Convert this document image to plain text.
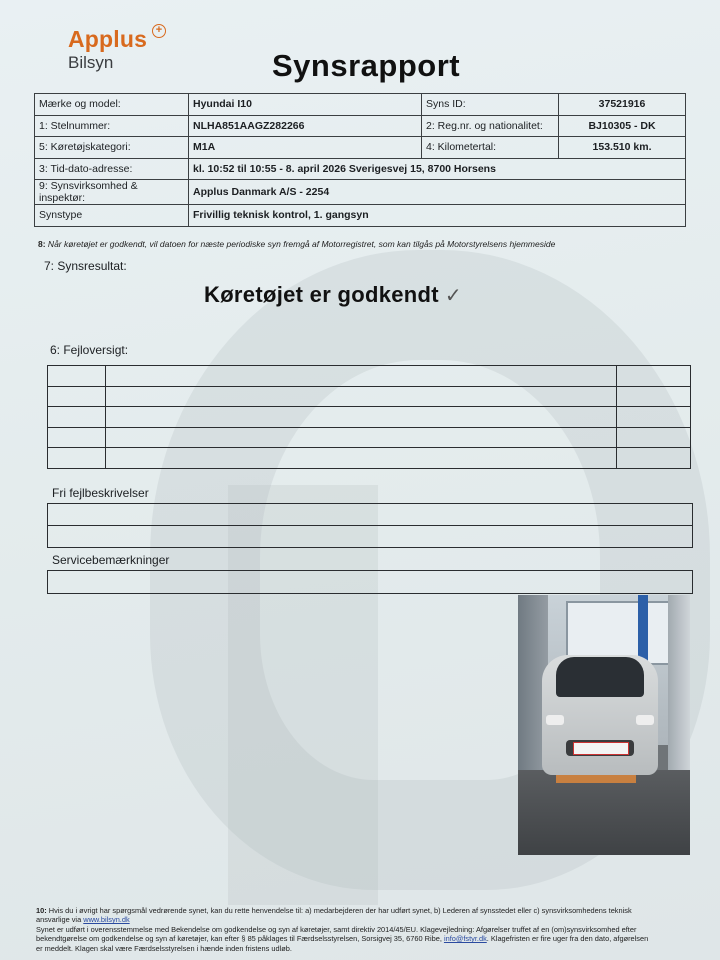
Applus +
Bilsyn	Synsrapport
Mærke og model:	Hyundai I10	Syns ID:	37521916
1: Stelnummer:	NLHA851AAGZ282266	2: Reg.nr. og nationalitet:	BJ10305 - DK
5: Køretøjskategori:	M1A	4: Kilometertal:	153.510 km.
3: Tid-dato-adresse:	kl. 10:52 til 10:55 - 8. april 2026 Sverigesvej 15, 8700 Horsens		
9: Synsvirksomhed & inspektør:	Applus Danmark A/S - 2254		
Synstype	Frivillig teknisk kontrol, 1. gangsyn		
8: Når køretøjet er godkendt, vil datoen for næste periodiske syn fremgå af Motorregistret, som kan tilgås på Motorstyrelsens hjemmeside
7: Synsresultat:
Køretøjet er godkendt ✓
6: Fejloversigt:

Fri fejlbeskrivelser
Servicebemærkninger
10: Hvis du i øvrigt har spørgsmål vedrørende synet, kan du rette henvendelse til: a) medarbejderen der har udført synet, b) Lederen af synsstedet eller c) synsvirksomhedens teknisk
ansvarlige via www.bilsyn.dk
Synet er udført i overensstemmelse med Bekendelse om godkendelse og syn af køretøjer, samt direktiv 2014/45/EU. Klagevejledning: Afgørelser truffet af en (om)synsvirksomhed efter
bekendtgørelse om godkendelse og syn af køretøjer, kan efter § 85 påklages til Færdselsstyrelsen, Sorsigvej 35, 6760 Ribe, info@fstyr.dk. Klagefristen er fire uger fra den dato, afgørelsen
er meddelt. Klagen skal være Færdselsstyrelsen i hænde inden fristens udløb.
